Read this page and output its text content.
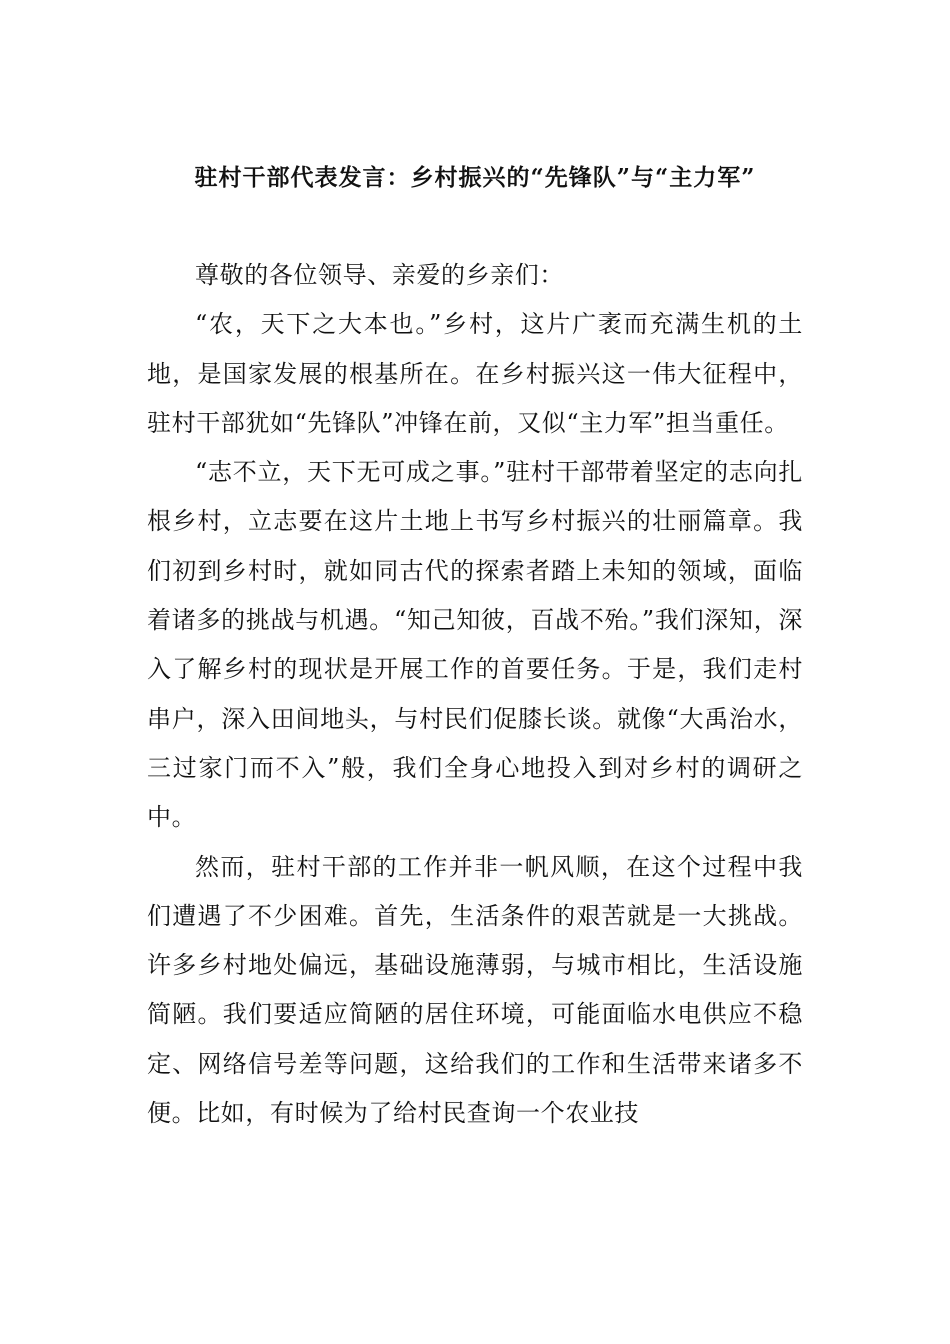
驻村干部代表发言：乡村振兴的“先锋队”与“主力军”

尊敬的各位领导、亲爱的乡亲们：

“农，天下之大本也。”乡村，这片广袤而充满生机的土地，是国家发展的根基所在。在乡村振兴这一伟大征程中，驻村干部犹如“先锋队”冲锋在前，又似“主力军”担当重任。

“志不立，天下无可成之事。”驻村干部带着坚定的志向扎根乡村，立志要在这片土地上书写乡村振兴的壮丽篇章。我们初到乡村时，就如同古代的探索者踏上未知的领域，面临着诸多的挑战与机遇。“知己知彼，百战不殆。”我们深知，深入了解乡村的现状是开展工作的首要任务。于是，我们走村串户，深入田间地头，与村民们促膝长谈。就像“大禹治水，三过家门而不入”般，我们全身心地投入到对乡村的调研之中。

然而，驻村干部的工作并非一帆风顺，在这个过程中我们遭遇了不少困难。首先，生活条件的艰苦就是一大挑战。许多乡村地处偏远，基础设施薄弱，与城市相比，生活设施简陋。我们要适应简陋的居住环境，可能面临水电供应不稳定、网络信号差等问题，这给我们的工作和生活带来诸多不便。比如，有时候为了给村民查询一个农业技
